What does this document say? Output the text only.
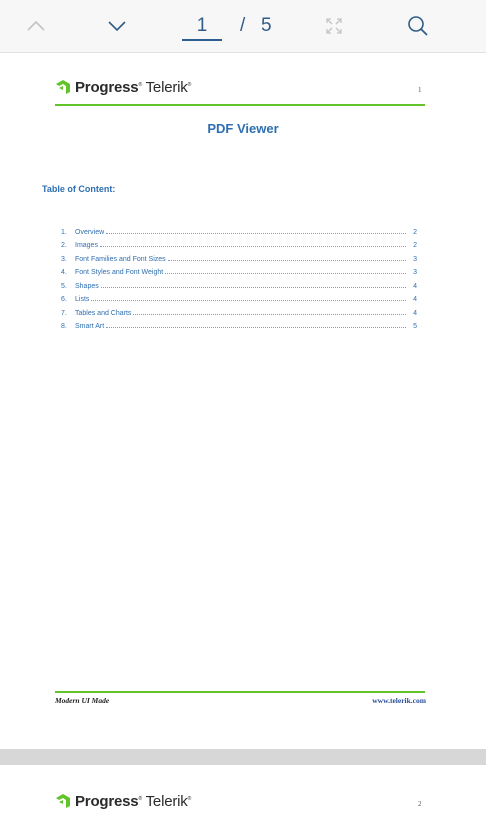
1
/ 5
Progress® Telerik®
1
PDF Viewer
Table of Content:
1.	Overview	2
2.	Images	2
3.	Font Families and Font Sizes	3
4.	Font Styles and Font Weight	3
5.	Shapes	4
6.	Lists	4
7.	Tables and Charts	4
8.	Smart Art	5
Modern UI Made	www.telerik.com
Progress® Telerik®
2
